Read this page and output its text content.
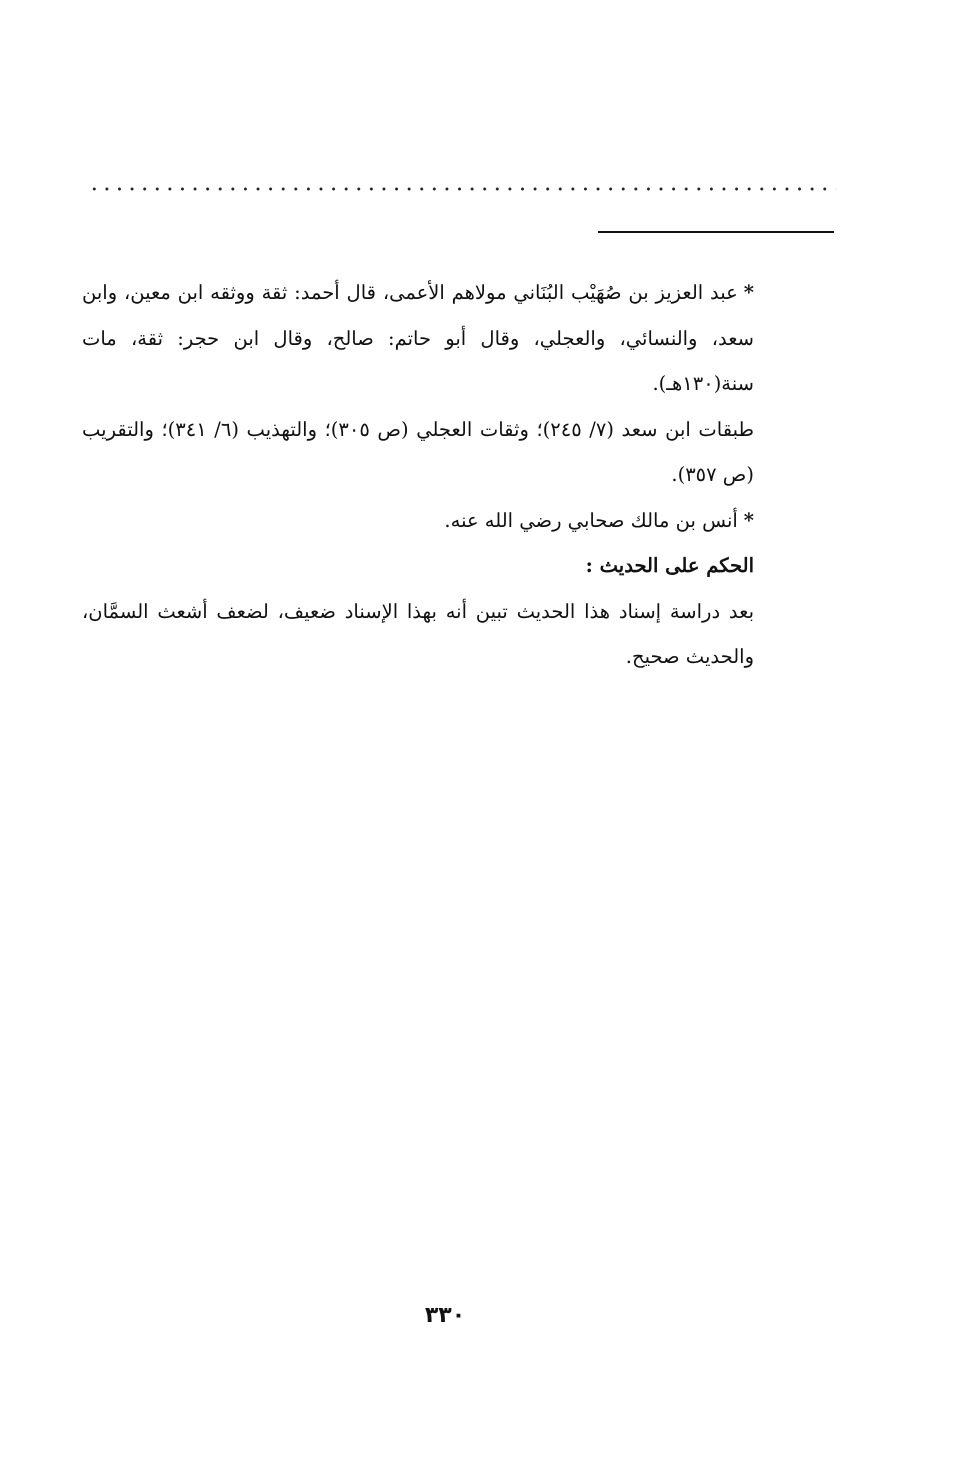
*عبد العزيز بن صُهَيْب البُنَاني مولاهم الأعمى، قال أحمد: ثقة ووثقه ابن معين، وابن سعد، والنسائي، والعجلي، وقال أبو حاتم: صالح، وقال ابن حجر: ثقة، مات سنة(١٣٠هـ).

طبقات ابن سعد (٧/ ٢٤٥)؛ وثقات العجلي (ص ٣٠٥)؛ والتهذيب (٦/ ٣٤١)؛ والتقريب (ص ٣٥٧).

*أنس بن مالك صحابي رضي الله عنه.

الحكم على الحديث :

بعد دراسة إسناد هذا الحديث تبين أنه بهذا الإسناد ضعيف، لضعف أشعث السمَّان، والحديث صحيح.

٣٣٠
